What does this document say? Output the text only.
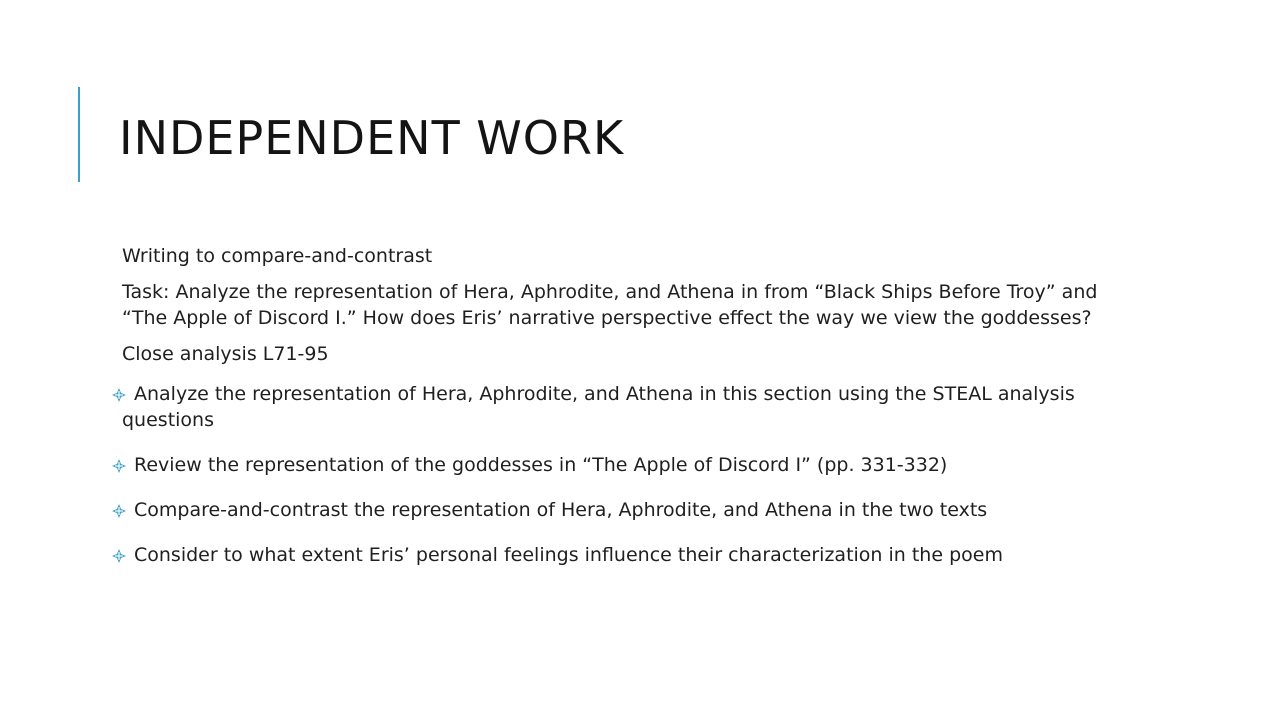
INDEPENDENT WORK

Writing to compare-and-contrast

Task: Analyze the representation of Hera, Aphrodite, and Athena in from “Black Ships Before Troy” and “The Apple of Discord I.” How does Eris’ narrative perspective effect the way we view the goddesses?

Close analysis L71-95

Analyze the representation of Hera, Aphrodite, and Athena in this section using the STEAL analysis questions
Review the representation of the goddesses in “The Apple of Discord I” (pp. 331-332)
Compare-and-contrast the representation of Hera, Aphrodite, and Athena in the two texts
Consider to what extent Eris’ personal feelings influence their characterization in the poem
